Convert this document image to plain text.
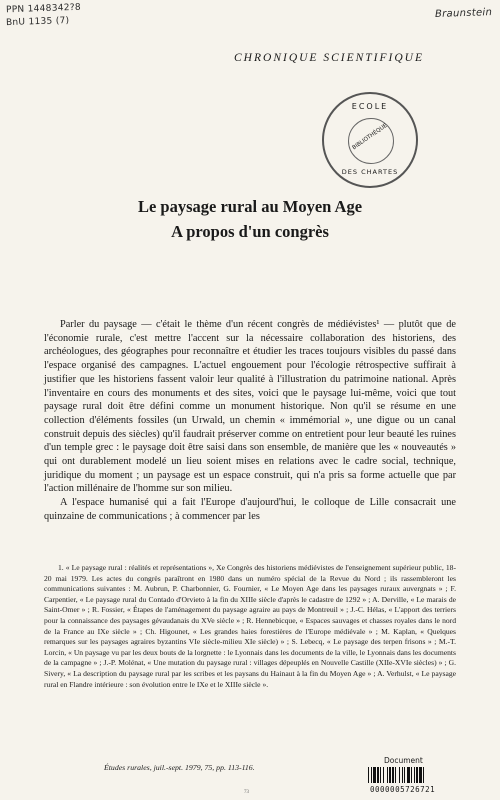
PPN 1448342?8
BnU 1135 (7)
Braunstein
CHRONIQUE SCIENTIFIQUE
ECOLE
BIBLIOTHÈQUE
DES CHARTES
Le paysage rural au Moyen Age
A propos d'un congrès

Parler du paysage — c'était le thème d'un récent congrès de médiévistes¹ — plutôt que de l'économie rurale, c'est mettre l'accent sur la nécessaire collaboration des historiens, des archéologues, des géographes pour reconnaître et étudier les traces toujours visibles du passé dans l'espace organisé des campagnes. L'actuel engouement pour l'écologie rétrospective suffirait à justifier que les historiens fassent valoir leur qualité à l'illustration du patrimoine national. Après l'inventaire en cours des monuments et des sites, voici que le paysage lui-même, voici que tout paysage rural doit être défini comme un monument historique. Non qu'il se résume en une collection d'éléments fossiles (un Urwald, un chemin « immémorial », une digue ou un canal construit depuis des siècles) qu'il faudrait préserver comme on entretient pour leur beauté les ruines d'un temple grec : le paysage doit être saisi dans son ensemble, de manière que les « nouveautés » qui ont durablement modelé un lieu soient mises en relations avec le cadre social, technique, juridique du moment ; un paysage est un espace construit, qui n'a pris sa forme actuelle que par l'action millénaire de l'homme sur son milieu.

A l'espace humanisé qui a fait l'Europe d'aujourd'hui, le colloque de Lille consacrait une quinzaine de communications ; à commencer par les

1. « Le paysage rural : réalités et représentations », Xe Congrès des historiens médiévistes de l'enseignement supérieur public, 18-20 mai 1979. Les actes du congrès paraîtront en 1980 dans un numéro spécial de la Revue du Nord ; ils rassembleront les communications suivantes : M. Aubrun, P. Charbonnier, G. Fournier, « Le Moyen Age dans les paysages ruraux auvergnats » ; F. Carpentier, « Le paysage rural du Contado d'Orvieto à la fin du XIIIe siècle d'après le cadastre de 1292 » ; A. Derville, « Le marais de Saint-Omer » ; R. Fossier, « Étapes de l'aménagement du paysage agraire au pays de Montreuil » ; J.-C. Hélas, « L'apport des terriers pour la connaissance des paysages gévaudanais du XVe siècle » ; R. Hennebicque, « Espaces sauvages et chasses royales dans le nord de la France au IXe siècle » ; Ch. Higounet, « Les grandes haies forestières de l'Europe médiévale » ; M. Kaplan, « Quelques remarques sur les paysages agraires byzantins VIe siècle-milieu XIe siècle) » ; S. Lebecq, « Le paysage des terpen frisons » ; M.-T. Lorcin, « Un paysage vu par les deux bouts de la lorgnette : le Lyonnais dans les documents de la ville, le Lyonnais dans les documents de la campagne » ; J.-P. Molénat, « Une mutation du paysage rural : villages dépeuplés en Nouvelle Castille (XIIe-XVIe siècles) » ; G. Sivery, « La description du paysage rural par les scribes et les paysans du Hainaut à la fin du Moyen Age » ; A. Verhulst, « Le paysage rural en Flandre intérieure : son évolution entre le IXe et le XIIIe siècle ».

Études rurales, juil.-sept. 1979, 75, pp. 113-116.
Document
0000005726721
73
